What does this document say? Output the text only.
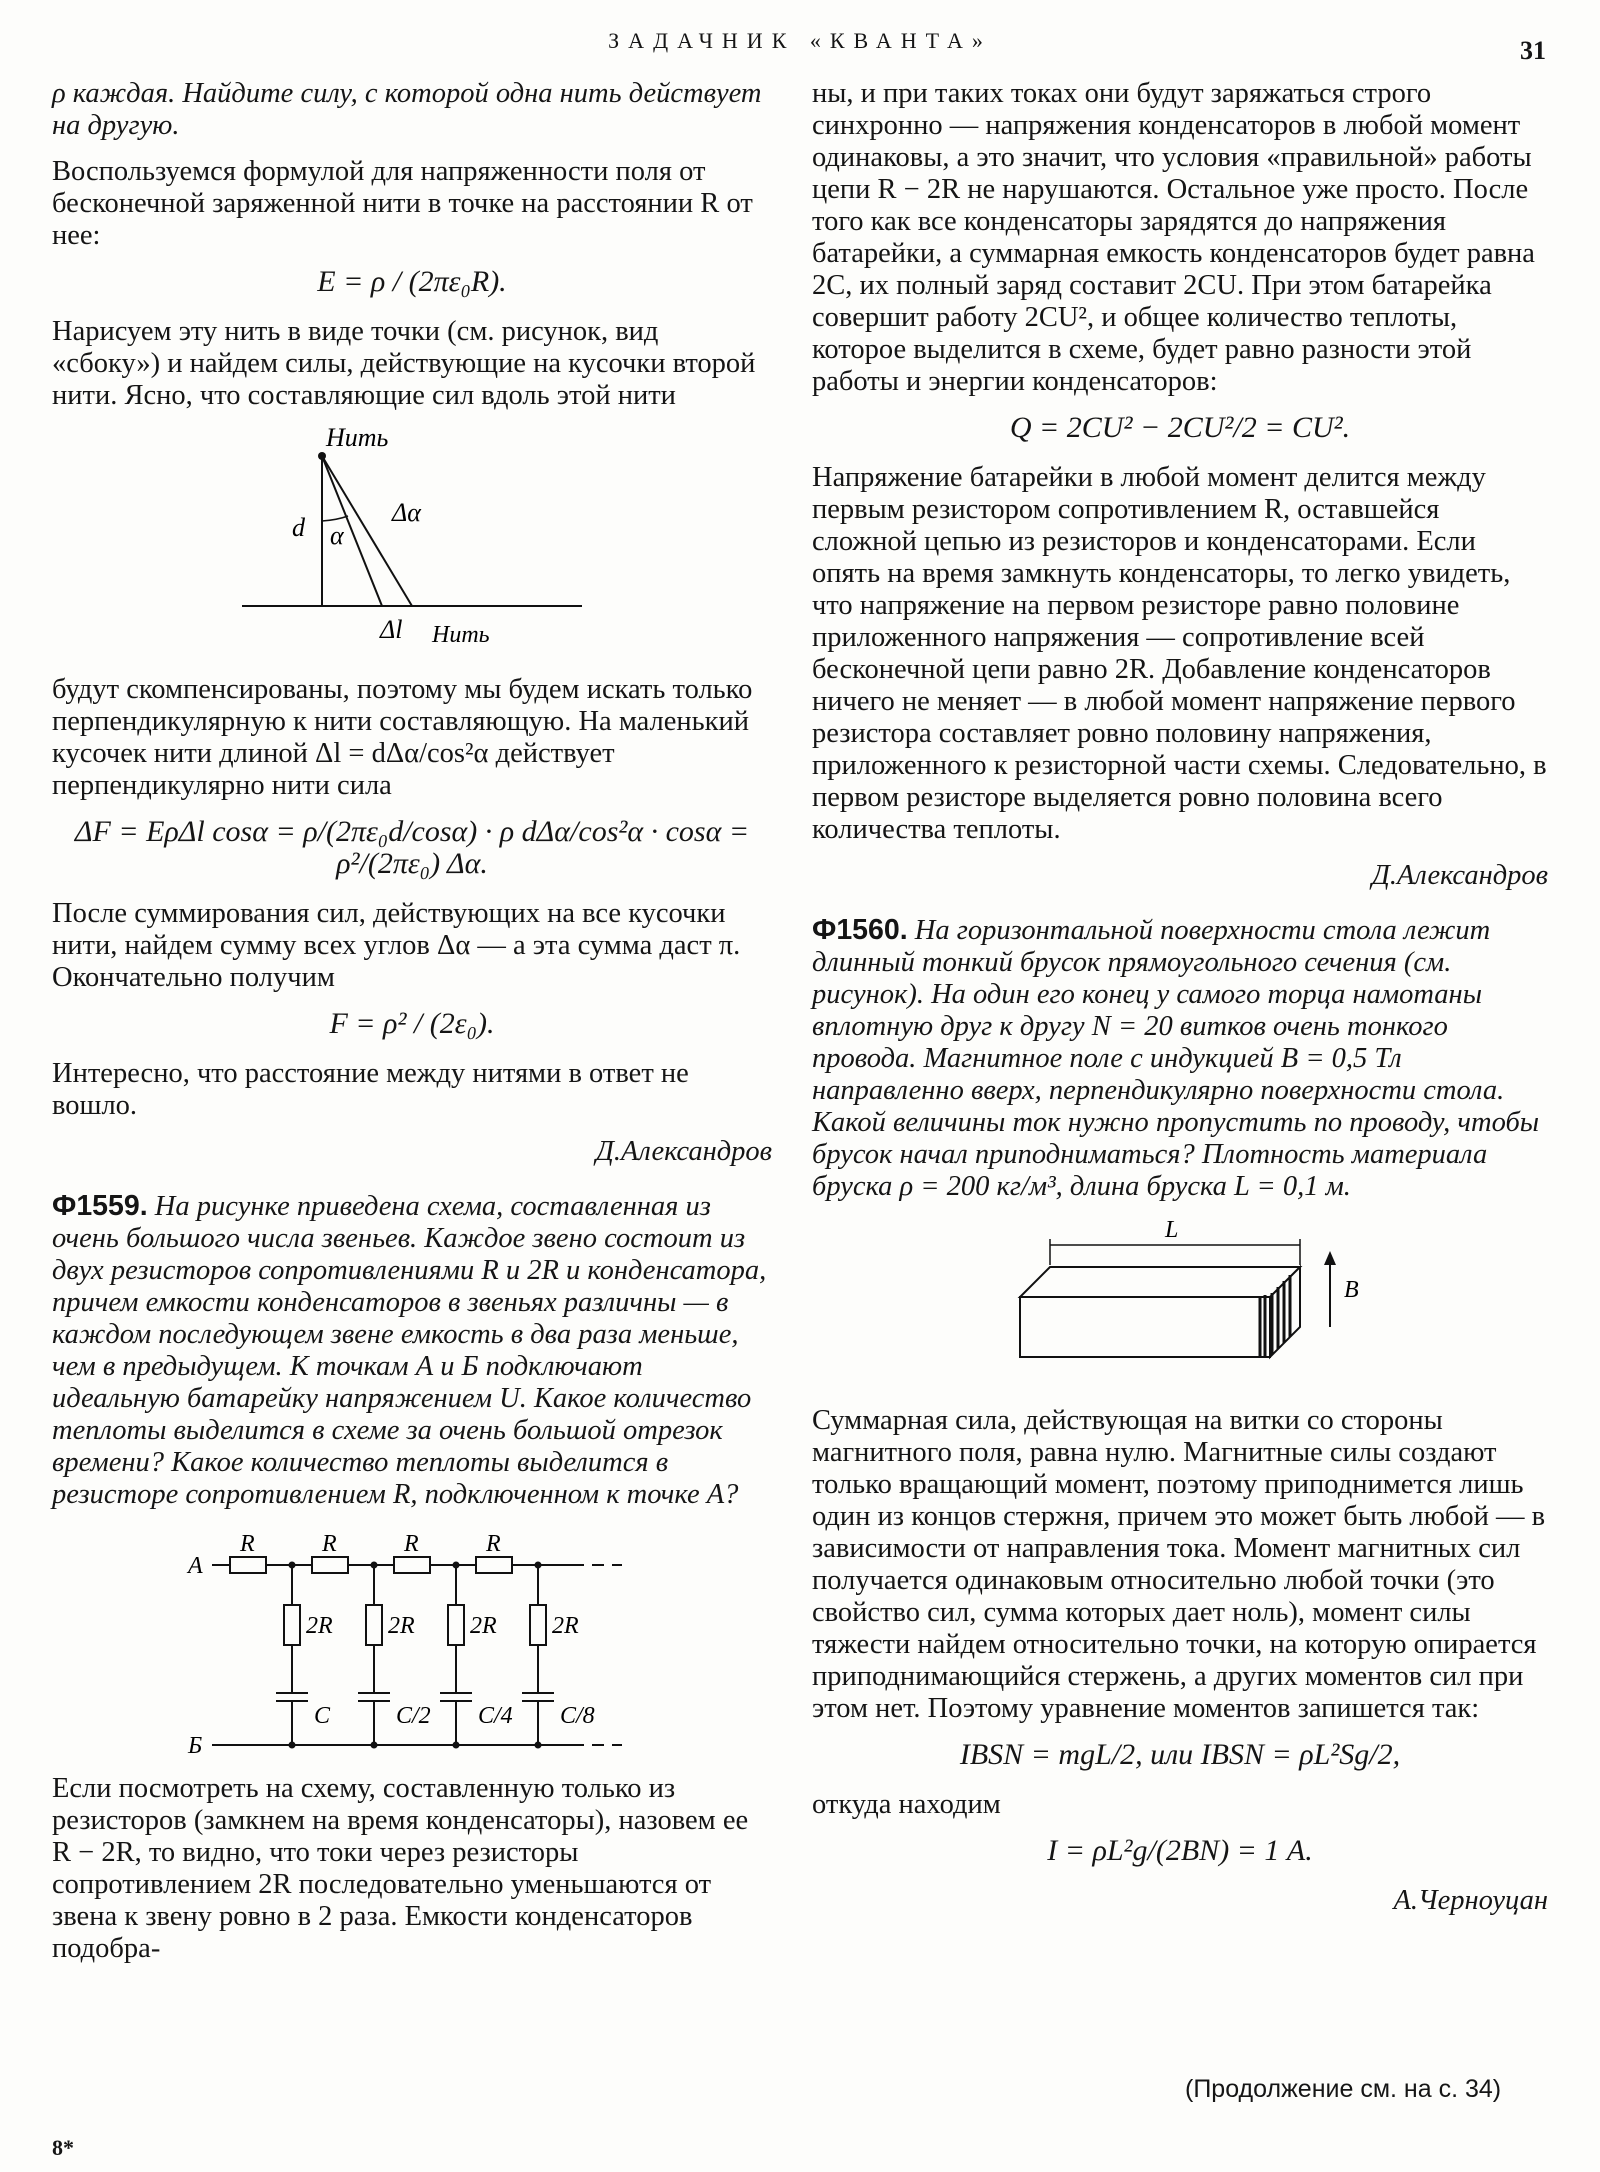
ЗАДАЧНИК «КВАНТА»	31

ρ каждая. Найдите силу, с которой одна нить действует на другую.

Воспользуемся формулой для напряженности поля от бесконечной заряженной нити в точке на расстоянии R от нее:

E = ρ / (2πε₀R).

Нарисуем эту нить в виде точки (см. рисунок, вид «сбоку») и найдем силы, действующие на кусочки второй нити. Ясно, что составляющие сил вдоль этой нити

Нить
d α
Δα
Δl Нить

будут скомпенсированы, поэтому мы будем искать только перпендикулярную к нити составляющую. На маленький кусочек нити длиной Δl = dΔα/cos²α действует перпендикулярно нити сила

ΔF = EρΔl cosα = ρ/(2πε₀d/cosα) · ρ dΔα/cos²α · cosα = ρ²/(2πε₀) Δα.

После суммирования сил, действующих на все кусочки нити, найдем сумму всех углов Δα — а эта сумма даст π. Окончательно получим

F = ρ² / (2ε₀).

Интересно, что расстояние между нитями в ответ не вошло.

Д.Александров

Ф1559. На рисунке приведена схема, составленная из очень большого числа звеньев. Каждое звено состоит из двух резисторов сопротивлениями R и 2R и конденсатора, причем емкости конденсаторов в звеньях различны — в каждом последующем звене емкость в два раза меньше, чем в предыдущем. К точкам А и Б подключают идеальную батарейку напряжением U. Какое количество теплоты выделится в схеме за очень большой отрезок времени? Какое количество теплоты выделится в резисторе сопротивлением R, подключенном к точке А?

А
Б
R	R	R	R
2R 2R 2R 2R
C	C/2 C/4 C/8

Если посмотреть на схему, составленную только из резисторов (замкнем на время конденсаторы), назовем ее R − 2R, то видно, что токи через резисторы сопротивлением 2R последовательно уменьшаются от звена к звену ровно в 2 раза. Емкости конденсаторов подобра-

ны, и при таких токах они будут заряжаться строго синхронно — напряжения конденсаторов в любой момент одинаковы, а это значит, что условия «правильной» работы цепи R − 2R не нарушаются. Остальное уже просто. После того как все конденсаторы зарядятся до напряжения батарейки, а суммарная емкость конденсаторов будет равна 2C, их полный заряд составит 2CU. При этом батарейка совершит работу 2CU², и общее количество теплоты, которое выделится в схеме, будет равно разности этой работы и энергии конденсаторов:

Q = 2CU² − 2CU²/2 = CU².

Напряжение батарейки в любой момент делится между первым резистором сопротивлением R, оставшейся сложной цепью из резисторов и конденсаторами. Если опять на время замкнуть конденсаторы, то легко увидеть, что напряжение на первом резисторе равно половине приложенного напряжения — сопротивление всей бесконечной цепи равно 2R. Добавление конденсаторов ничего не меняет — в любой момент напряжение первого резистора составляет ровно половину напряжения, приложенного к резисторной части схемы. Следовательно, в первом резисторе выделяется ровно половина всего количества теплоты.

Д.Александров

Ф1560. На горизонтальной поверхности стола лежит длинный тонкий брусок прямоугольного сечения (см. рисунок). На один его конец у самого торца намотаны вплотную друг к другу N = 20 витков очень тонкого провода. Магнитное поле с индукцией B = 0,5 Тл направленно вверх, перпендикулярно поверхности стола. Какой величины ток нужно пропустить по проводу, чтобы брусок начал приподниматься? Плотность материала бруска ρ = 200 кг/м³, длина бруска L = 0,1 м.

L
B

Суммарная сила, действующая на витки со стороны магнитного поля, равна нулю. Магнитные силы создают только вращающий момент, поэтому приподнимется лишь один из концов стержня, причем это может быть любой — в зависимости от направления тока. Момент магнитных сил получается одинаковым относительно любой точки (это свойство сил, сумма которых дает ноль), момент силы тяжести найдем относительно точки, на которую опирается приподнимающийся стержень, а других моментов сил при этом нет. Поэтому уравнение моментов запишется так:

IBSN = mgL/2, или IBSN = ρL²Sg/2,

откуда находим

I = ρL²g/(2BN) = 1 А.
А.Черноуцан
(Продолжение см. на с. 34)
8*
